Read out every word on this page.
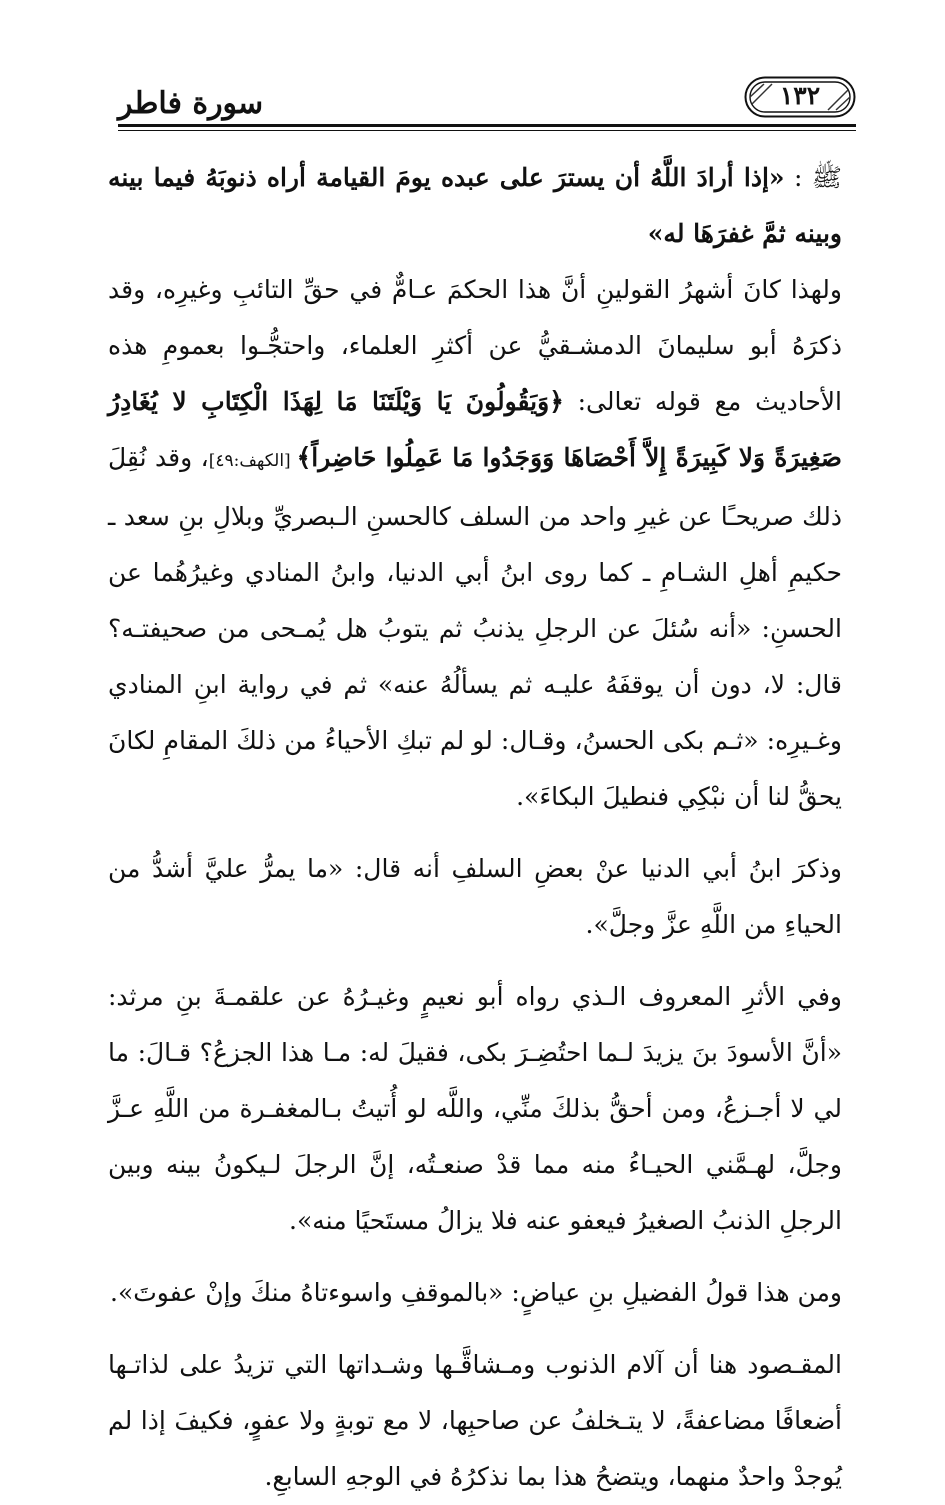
سورة فاطر	١٣٢

ﷺ : «إذا أرادَ اللَّهُ أن يسترَ على عبده يومَ القيامة أراه ذنوبَهُ فيما بينه وبينه ثمَّ غفرَهَا له»

ولهذا كانَ أشهرُ القولينِ أنَّ هذا الحكمَ عـامٌّ في حقِّ التائبِ وغيرِه، وقد ذكرَهُ أبو سليمانَ الدمشـقيُّ عن أكثرِ العلماء، واحتجُّـوا بعمومِ هذه الأحاديث مع قوله تعالى: ﴿وَيَقُولُونَ يَا وَيْلَتَنَا مَا لِهَذَا الْكِتَابِ لا يُغَادِرُ صَغِيرَةً وَلا كَبِيرَةً إِلاَّ أَحْصَاهَا وَوَجَدُوا مَا عَمِلُوا حَاضِراً﴾ [الكهف:٤٩]، وقد نُقِلَ ذلك صريحـًا عن غيرِ واحد من السلف كالحسنِ الـبصريِّ وبلالِ بنِ سعد ـ حكيمِ أهلِ الشـامِ ـ كما روى ابنُ أبي الدنيا، وابنُ المنادي وغيرُهُما عن الحسنِ: «أنه سُئلَ عن الرجلِ يذنبُ ثم يتوبُ هل يُمـحى من صحيفتـه؟ قال: لا، دون أن يوقفَهُ عليـه ثم يسألُهُ عنه» ثم في رواية ابنِ المنادي وغـيرِه: «ثـم بكى الحسنُ، وقـال: لو لم تبكِ الأحياءُ من ذلكَ المقامِ لكانَ يحقُّ لنا أن نبْكِي فنطيلَ البكاءَ».

وذكرَ ابنُ أبي الدنيا عنْ بعضِ السلفِ أنه قال: «ما يمرُّ عليَّ أشدُّ من الحياءِ من اللَّهِ عزَّ وجلَّ».

وفي الأثرِ المعروف الـذي رواه أبو نعيمٍ وغيـرُهُ عن علقمـةَ بنِ مرثد: «أنَّ الأسودَ بنَ يزيدَ لـما احتُضِـرَ بكى، فقيلَ له: مـا هذا الجزعُ؟ قـالَ: ما لي لا أجـزعُ، ومن أحقُّ بذلكَ منِّي، واللَّه لو أُتيتُ بـالمغفـرة من اللَّهِ عـزَّ وجلَّ، لهـمَّني الحيـاءُ منه مما قدْ صنعـتُه، إنَّ الرجلَ لـيكونُ بينه وبين الرجلِ الذنبُ الصغيرُ فيعفو عنه فلا يزالُ مستَحيًا منه».

ومن هذا قولُ الفضيلِ بنِ عياضٍ: «بالموقفِ واسوءتاهُ منكَ وإنْ عفوتَ».

المقـصود هنا أن آلام الذنوب ومـشاقَّـها وشـداتها التي تزيدُ على لذاتـها أضعافًا مضاعفةً، لا يتـخلفُ عن صاحبِها، لا مع توبةٍ ولا عفوٍ، فكيفَ إذا لم يُوجدْ واحدٌ منهما، ويتضحُ هذا بما نذكرُهُ في الوجهِ السابعِ.
